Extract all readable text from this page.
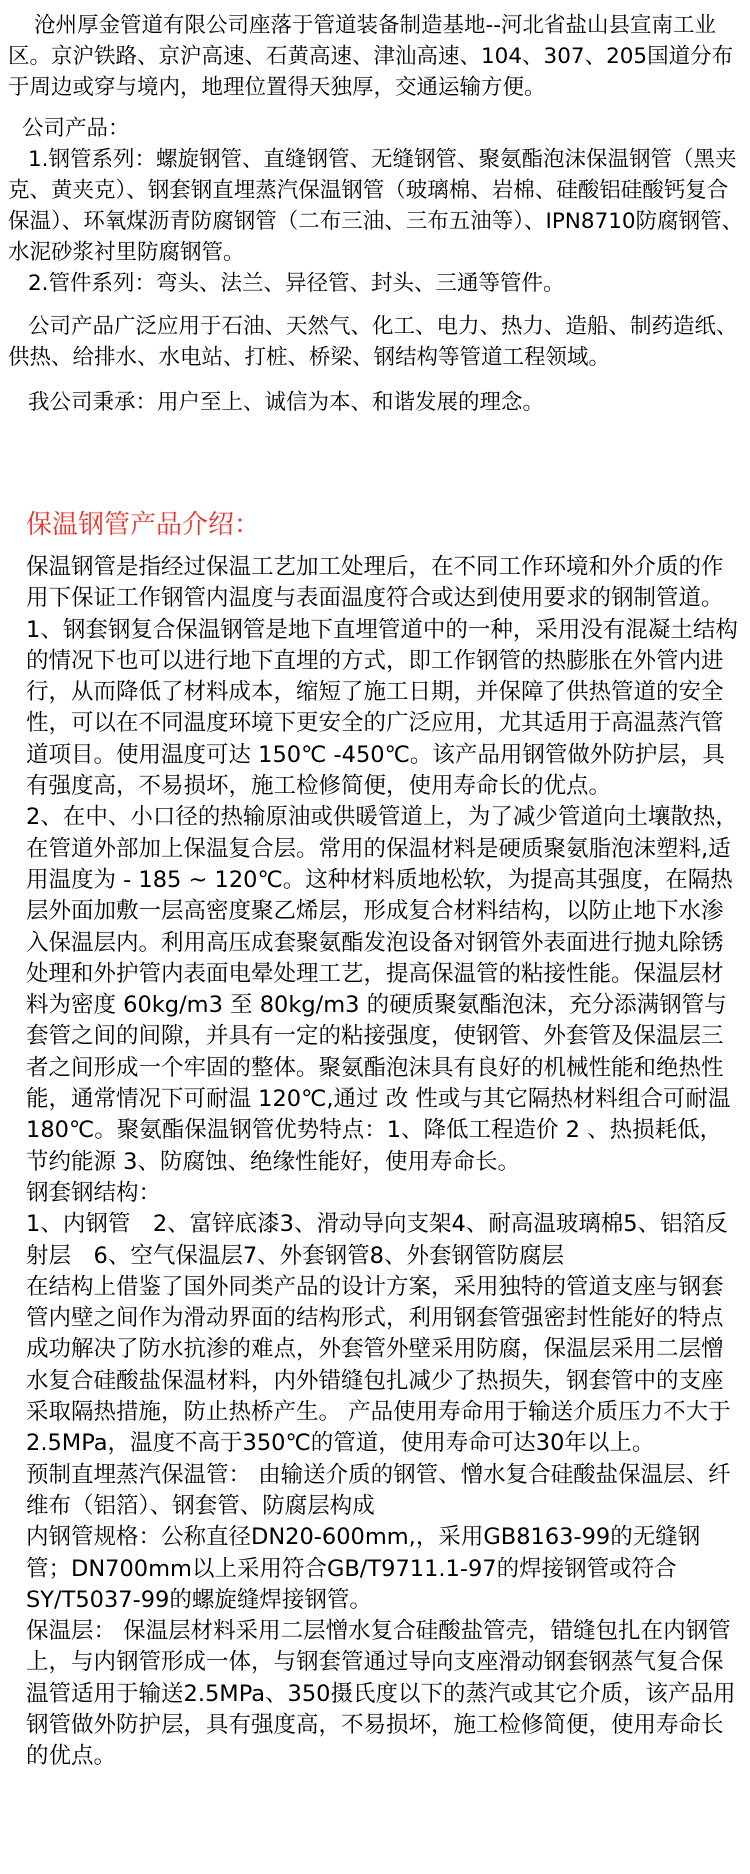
沧州厚金管道有限公司座落于管道装备制造基地--河北省盐山县宣南工业区。京沪铁路、京沪高速、石黄高速、津汕高速、104、307、205国道分布于周边或穿与境内，地理位置得天独厚，交通运输方便。

公司产品：

1.钢管系列：螺旋钢管、直缝钢管、无缝钢管、聚氨酯泡沫保温钢管（黑夹克、黄夹克）、钢套钢直埋蒸汽保温钢管（玻璃棉、岩棉、硅酸铝硅酸钙复合保温）、环氧煤沥青防腐钢管（二布三油、三布五油等）、IPN8710防腐钢管、水泥砂浆衬里防腐钢管。

2.管件系列：弯头、法兰、异径管、封头、三通等管件。

公司产品广泛应用于石油、天然气、化工、电力、热力、造船、制药造纸、供热、给排水、水电站、打桩、桥梁、钢结构等管道工程领域。

我公司秉承：用户至上、诚信为本、和谐发展的理念。

保温钢管产品介绍：

保温钢管是指经过保温工艺加工处理后，在不同工作环境和外介质的作用下保证工作钢管内温度与表面温度符合或达到使用要求的钢制管道。

1、钢套钢复合保温钢管是地下直埋管道中的一种，采用没有混凝土结构的情况下也可以进行地下直埋的方式，即工作钢管的热膨胀在外管内进行，从而降低了材料成本，缩短了施工日期，并保障了供热管道的安全性，可以在不同温度环境下更安全的广泛应用，尤其适用于高温蒸汽管道项目。使用温度可达 150℃ -450℃。该产品用钢管做外防护层，具有强度高，不易损坏，施工检修简便，使用寿命长的优点。

2、在中、小口径的热输原油或供暖管道上，为了减少管道向土壤散热，在管道外部加上保温复合层。常用的保温材料是硬质聚氨脂泡沫塑料,适用温度为 - 185 ~ 120℃。这种材料质地松软，为提高其强度，在隔热层外面加敷一层高密度聚乙烯层，形成复合材料结构，以防止地下水渗入保温层内。利用高压成套聚氨酯发泡设备对钢管外表面进行抛丸除锈处理和外护管内表面电晕处理工艺，提高保温管的粘接性能。保温层材料为密度 60kg/m3 至 80kg/m3 的硬质聚氨酯泡沫，充分添满钢管与套管之间的间隙，并具有一定的粘接强度，使钢管、外套管及保温层三者之间形成一个牢固的整体。聚氨酯泡沫具有良好的机械性能和绝热性能，通常情况下可耐温 120℃,通过 改 性或与其它隔热材料组合可耐温 180℃。聚氨酯保温钢管优势特点：1、降低工程造价 2 、热损耗低，节约能源 3、防腐蚀、绝缘性能好，使用寿命长。

钢套钢结构：

1、内钢管　2、富锌底漆3、滑动导向支架4、耐高温玻璃棉5、铝箔反射层　6、空气保温层7、外套钢管8、外套钢管防腐层

在结构上借鉴了国外同类产品的设计方案，采用独特的管道支座与钢套管内壁之间作为滑动界面的结构形式，利用钢套管强密封性能好的特点成功解决了防水抗渗的难点，外套管外壁采用防腐，保温层采用二层憎水复合硅酸盐保温材料，内外错缝包扎减少了热损失，钢套管中的支座采取隔热措施，防止热桥产生。 产品使用寿命用于输送介质压力不大于2.5MPa，温度不高于350℃的管道，使用寿命可达30年以上。

预制直埋蒸汽保温管： 由输送介质的钢管、憎水复合硅酸盐保温层、纤维布（铝箔）、钢套管、防腐层构成

内钢管规格：公称直径DN20-600mm,，采用GB8163-99的无缝钢管；DN700mm以上采用符合GB/T9711.1-97的焊接钢管或符合SY/T5037-99的螺旋缝焊接钢管。

保温层： 保温层材料采用二层憎水复合硅酸盐管壳，错缝包扎在内钢管上，与内钢管形成一体，与钢套管通过导向支座滑动钢套钢蒸气复合保温管适用于输送2.5MPa、350摄氏度以下的蒸汽或其它介质，该产品用钢管做外防护层，具有强度高，不易损坏，施工检修简便，使用寿命长的优点。
